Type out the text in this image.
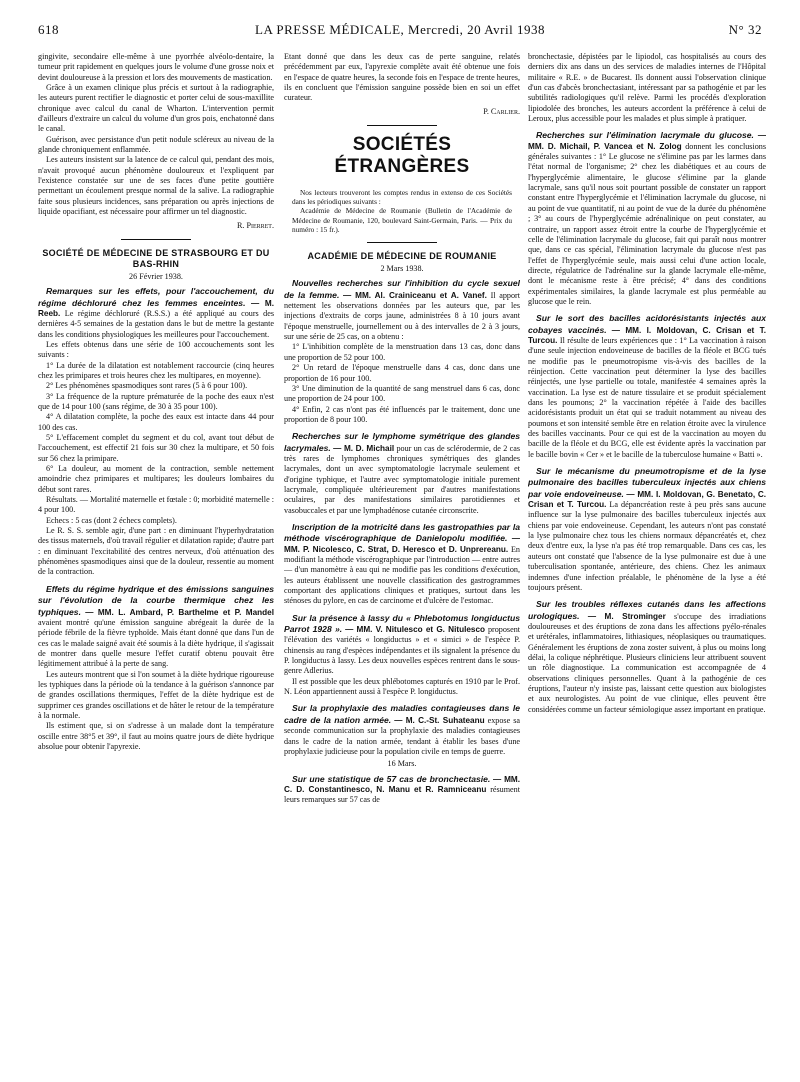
618	LA PRESSE MÉDICALE, Mercredi, 20 Avril 1938	N° 32

gingivite, secondaire elle-même à une pyorrhée alvéolo-dentaire, la tumeur prit rapidement en quelques jours le volume d'une grosse noix et devint douloureuse à la pression et lors des mouvements de mastication.

Grâce à un examen clinique plus précis et surtout à la radiographie, les auteurs purent rectifier le diagnostic et porter celui de sous-maxillite chronique avec calcul du canal de Wharton. L'intervention permit d'ailleurs d'extraire un calcul du volume d'un gros pois, enchatonné dans le canal.

Guérison, avec persistance d'un petit nodule scléreux au niveau de la glande chroniquement enflammée.

Les auteurs insistent sur la latence de ce calcul qui, pendant des mois, n'avait provoqué aucun phénomène douloureux et l'expliquent par l'existence constatée sur une de ses faces d'une petite gouttière permettant un écoulement presque normal de la salive. La radiographie faite sous plusieurs incidences, sans préparation ou après injections de liquide opacifiant, est nécessaire pour affirmer un tel diagnostic.

R. Pierret.
SOCIÉTÉ DE MÉDECINE DE STRASBOURG ET DU BAS-RHIN
26 Février 1938.

Remarques sur les effets, pour l'accouchement, du régime déchloruré chez les femmes enceintes. — M. Reeb. Le régime déchloruré (R.S.S.) a été appliqué au cours des dernières 4-5 semaines de la gestation dans le but de mettre la gestante dans les conditions physiologiques les meilleures pour l'accouchement.

Les effets obtenus dans une série de 100 accouchements sont les suivants :

1° La durée de la dilatation est notablement raccourcie (cinq heures chez les primipares et trois heures chez les multipares, en moyenne).

2° Les phénomènes spasmodiques sont rares (5 à 6 pour 100).

3° La fréquence de la rupture prématurée de la poche des eaux n'est que de 14 pour 100 (sans régime, de 30 à 35 pour 100).

4° A dilatation complète, la poche des eaux est intacte dans 44 pour 100 des cas.

5° L'effacement complet du segment et du col, avant tout début de l'accouchement, est effectif 21 fois sur 30 chez la multipare, et 50 fois sur 56 chez la primipare.

6° La douleur, au moment de la contraction, semble nettement amoindrie chez primipares et multipares; les douleurs lombaires du début sont rares.

Résultats. — Mortalité maternelle et fœtale : 0; morbidité maternelle : 4 pour 100.

Echecs : 5 cas (dont 2 échecs complets).

Le R. S. S. semble agir, d'une part : en diminuant l'hyperhydratation des tissus maternels, d'où travail régulier et dilatation rapide; d'autre part : en diminuant l'excitabilité des centres nerveux, d'où atténuation des phénomènes spasmodiques ainsi que de la douleur, ressentie au moment de la contraction.

Effets du régime hydrique et des émissions sanguines sur l'évolution de la courbe thermique chez les typhiques. — MM. L. Ambard, P. Barthelme et P. Mandel avaient montré qu'une émission sanguine abrégeait la durée de la période fébrile de la fièvre typhoïde. Mais étant donné que dans l'un de ces cas le malade saigné avait été soumis à la diète hydrique, il s'agissait de montrer dans quelle mesure l'effet curatif obtenu pouvait être légitimement attribué à la perte de sang.

Les auteurs montrent que si l'on soumet à la diète hydrique rigoureuse les typhiques dans la période où la tendance à la guérison s'annonce par de grandes oscillations thermiques, l'effet de la diète hydrique est de supprimer ces grandes oscillations et de hâter le retour de la température à la normale.

Ils estiment que, si on s'adresse à un malade dont la température oscille entre 38°5 et 39°, il faut au moins quatre jours de diète hydrique absolue pour obtenir l'apyrexie.

Etant donné que dans les deux cas de perte sanguine, relatés précédemment par eux, l'apyrexie complète avait été obtenue une fois en l'espace de quatre heures, la seconde fois en l'espace de trente heures, ils en concluent que l'émission sanguine possède bien en soi un effet curateur.

P. Carlier.
SOCIÉTÉS ÉTRANGÈRES

Nos lecteurs trouveront les comptes rendus in extenso de ces Sociétés dans les périodiques suivants :

Académie de Médecine de Roumanie (Bulletin de l'Académie de Médecine de Roumanie, 120, boulevard Saint-Germain, Paris. — Prix du numéro : 15 fr.).

ACADÉMIE DE MÉDECINE DE ROUMANIE
2 Mars 1938.

Nouvelles recherches sur l'inhibition du cycle sexuel de la femme. — MM. Al. Crainiceanu et A. Vanef. Il apport nettement les observations données par les auteurs que, par les injections d'extraits de corps jaune, administrées 8 à 10 jours avant l'époque menstruelle, journellement ou à des intervalles de 2 à 3 jours, sur une série de 25 cas, on a obtenu :

1° L'inhibition complète de la menstruation dans 13 cas, donc dans une proportion de 52 pour 100.

2° Un retard de l'époque menstruelle dans 4 cas, donc dans une proportion de 16 pour 100.

3° Une diminution de la quantité de sang menstruel dans 6 cas, donc une proportion de 24 pour 100.

4° Enfin, 2 cas n'ont pas été influencés par le traitement, donc une proportion de 8 pour 100.

Recherches sur le lymphome symétrique des glandes lacrymales. — M. D. Michail pour un cas de sclérodermie, de 2 cas très rares de lymphomes chroniques symétriques des glandes lacrymales, dont un avec symptomatologie lacrymale seulement et d'origine typhique, et l'autre avec symptomatologie initiale purement lacrymale, compliquée ultérieurement par d'autres manifestations oculaires, par des manifestations similaires parotidiennes et vasobuccales et par une lymphadénose cutanée circonscrite.

Inscription de la motricité dans les gastropathies par la méthode viscérographique de Danielopolu modifiée. — MM. P. Nicolesco, C. Strat, D. Heresco et D. Unprereanu. En modifiant la méthode viscérographique par l'introduction — entre autres — d'un manomètre à eau qui ne modifie pas les conditions d'exécution, les auteurs établissent une nouvelle classification des gastrogrammes comportant des applications cliniques et pratiques, surtout dans les sténoses du pylore, en cas de carcinome et d'ulcère de l'estomac.

Sur la présence à Iassy du « Phlebotomus longiductus Parrot 1928 ». — MM. V. Nitulesco et G. Nitulesco proposent l'élévation des variétés « longiductus » et « simici » de l'espèce P. chinensis au rang d'espèces indépendantes et ils signalent la présence du P. longiductus à Iassy. Les deux nouvelles espèces rentrent dans le sous-genre Adlerius.

Il est possible que les deux phlébotomes capturés en 1910 par le Prof. N. Léon appartiennent aussi à l'espèce P. longiductus.

Sur la prophylaxie des maladies contagieuses dans le cadre de la nation armée. — M. C.-St. Suhateanu expose sa seconde communication sur la prophylaxie des maladies contagieuses dans le cadre de la nation armée, tendant à établir les bases d'une prophylaxie judicieuse pour la population civile en temps de guerre.

16 Mars.

Sur une statistique de 57 cas de bronchectasie. — MM. C. D. Constantinesco, N. Manu et R. Ramniceanu résument leurs remarques sur 57 cas de

bronchectasie, dépistées par le lipiodol, cas hospitalisés au cours des derniers dix ans dans un des services de maladies internes de l'Hôpital militaire « R.E. » de Bucarest. Ils donnent aussi l'observation clinique d'un cas d'abcès bronchectasiant, intéressant par sa pathogénie et par les subtilités radiologiques qu'il relève. Parmi les procédés d'exploration lipiodolée des bronches, les auteurs accordent la préférence à celui de Leroux, plus accessible pour les malades et plus simple à pratiquer.

Recherches sur l'élimination lacrymale du glucose. — MM. D. Michail, P. Vancea et N. Zolog donnent les conclusions générales suivantes : 1° Le glucose ne s'élimine pas par les larmes dans l'état normal de l'organisme; 2° chez les diabétiques et au cours de l'hyperglycémie alimentaire, le glucose s'élimine par la glande lacrymale, sans qu'il nous soit pourtant possible de constater un rapport constant entre l'hyperglycémie et l'élimination lacrymale du glucose, ni au point de vue quantitatif, ni au point de vue de la durée du phénomène ; 3° au cours de l'hyperglycémie adrénalinique on peut constater, au contraire, un rapport assez étroit entre la courbe de l'hyperglycémie et celle de l'élimination lacrymale du glucose, fait qui paraît nous montrer que, dans ce cas spécial, l'élimination lacrymale du glucose n'est pas l'effet de l'hyperglycémie seule, mais aussi celui d'une action locale, directe, régulatrice de l'adrénaline sur la glande lacrymale elle-même, dont le mécanisme reste à être précisé; 4° dans des conditions expérimentales similaires, la glande lacrymale est plus perméable au glucose que le rein.

Sur le sort des bacilles acidorésistants injectés aux cobayes vaccinés. — MM. I. Moldovan, C. Crisan et T. Turcou. Il résulte de leurs expériences que : 1° La vaccination à raison d'une seule injection endoveineuse de bacilles de la fléole et BCG tués ne modifie pas le pneumotropisme vis-à-vis des bacilles de la réinjection. Cette vaccination peut déterminer la lyse des bacilles réinjectés, une lyse partielle ou totale, manifestée 4 semaines après la vaccination. La lyse est de nature tissulaire et se produit spécialement dans les poumons; 2° la vaccination répétée à l'aide des bacilles acidorésistants produit un état qui se traduit notamment au niveau des poumons et son intensité semble être en relation étroite avec la virulence des bacilles vaccinants. Pour ce qui est de la vaccination au moyen du bacille de la fléole et du BCG, elle est évidente après la vaccination par le bacille bovin « Cer » et le bacille de la tuberculose humaine « Batti ».

Sur le mécanisme du pneumotropisme et de la lyse pulmonaire des bacilles tuberculeux injectés aux chiens par voie endoveineuse. — MM. I. Moldovan, G. Benetato, C. Crisan et T. Turcou. La dépancréation reste à peu près sans aucune influence sur la lyse pulmonaire des bacilles tuberculeux injectés aux chiens par voie endoveineuse. Cependant, les auteurs n'ont pas constaté la lyse pulmonaire chez tous les chiens normaux dépancréatés et, chez deux d'entre eux, la lyse n'a pas été trop remarquable. Dans ces cas, les auteurs ont constaté que l'absence de la lyse pulmonaire est due à une tuberculisation spontanée, antérieure, des chiens. Chez les animaux indemnes d'une infection préalable, le phénomène de la lyse a été toujours présent.

Sur les troubles réflexes cutanés dans les affections urologiques. — M. Strominger s'occupe des irradiations douloureuses et des éruptions de zona dans les affections pyélo-rénales et urétérales, inflammatoires, lithiasiques, néoplasiques ou traumatiques. Généralement les éruptions de zona zoster suivent, à plus ou moins long délai, la colique néphrétique. Plusieurs cliniciens leur attribuent souvent un rôle diagnostique. La communication est accompagnée de 4 observations cliniques personnelles. Quant à la pathogénie de ces éruptions, l'auteur n'y insiste pas, laissant cette question aux biologistes et aux neurologistes. Au point de vue clinique, elles peuvent être considérées comme un facteur sémiologique assez important en pratique.
